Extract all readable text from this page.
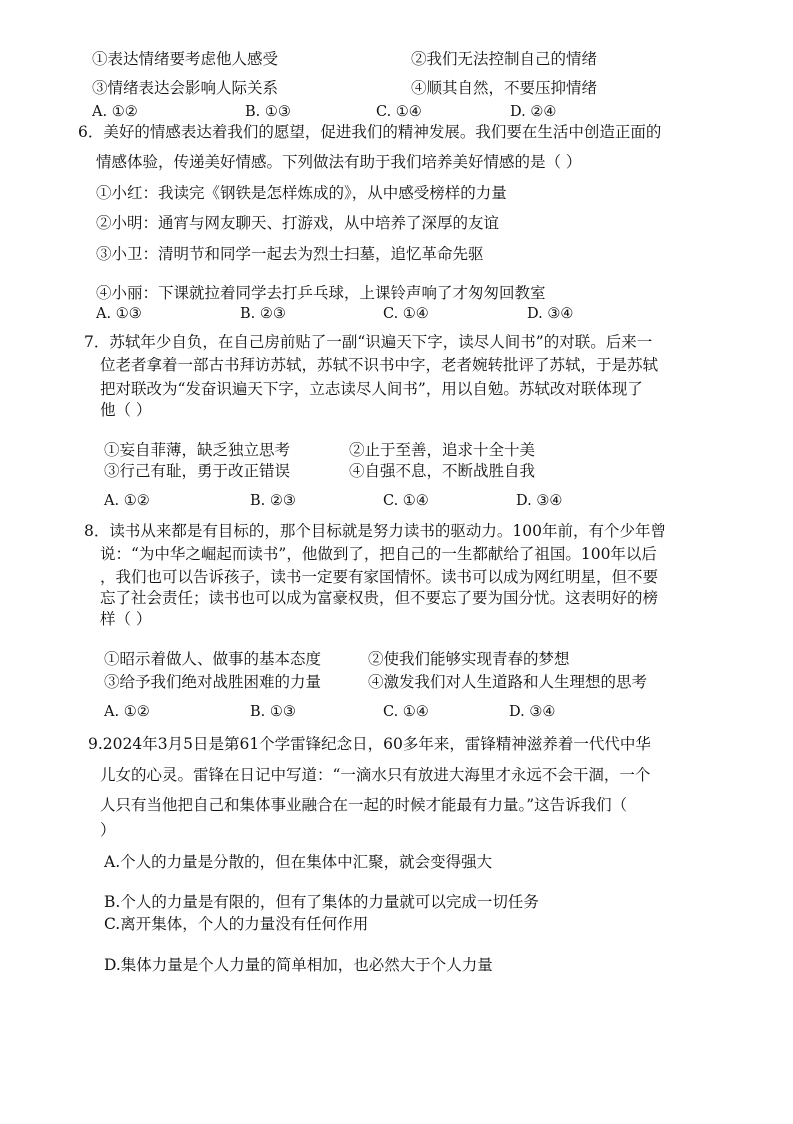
①表达情绪要考虑他人感受	②我们无法控制自己的情绪
③情绪表达会影响人际关系	④顺其自然，不要压抑情绪
A. ①②	B. ①③	C. ①④	D. ②④
6．美好的情感表达着我们的愿望，促进我们的精神发展。我们要在生活中创造正面的
情感体验，传递美好情感。下列做法有助于我们培养美好情感的是（ ）
①小红：我读完《钢铁是怎样炼成的》，从中感受榜样的力量
②小明：通宵与网友聊天、打游戏，从中培养了深厚的友谊
③小卫：清明节和同学一起去为烈士扫墓，追忆革命先驱
④小丽：下课就拉着同学去打乒乓球，上课铃声响了才匆匆回教室
A. ①③	B. ②③	C. ①④	D. ③④
7．苏轼年少自负，在自己房前贴了一副“识遍天下字，读尽人间书”的对联。后来一
位老者拿着一部古书拜访苏轼，苏轼不识书中字，老者婉转批评了苏轼，于是苏轼
把对联改为“发奋识遍天下字，立志读尽人间书”，用以自勉。苏轼改对联体现了
他（ ）
①妄自菲薄，缺乏独立思考	②止于至善，追求十全十美
③行己有耻，勇于改正错误	④自强不息，不断战胜自我
A. ①②	B. ②③	C. ①④	D. ③④
8．读书从来都是有目标的，那个目标就是努力读书的驱动力。100年前，有个少年曾
说：“为中华之崛起而读书”，他做到了，把自己的一生都献给了祖国。100年以后
，我们也可以告诉孩子，读书一定要有家国情怀。读书可以成为网红明星，但不要
忘了社会责任；读书也可以成为富豪权贵，但不要忘了要为国分忧。这表明好的榜
样（ ）
①昭示着做人、做事的基本态度	②使我们能够实现青春的梦想
③给予我们绝对战胜困难的力量	④激发我们对人生道路和人生理想的思考
A. ①②	B. ①③	C. ①④	D. ③④
9.2024年3月5日是第61个学雷锋纪念日，60多年来，雷锋精神滋养着一代代中华
儿女的心灵。雷锋在日记中写道：“一滴水只有放进大海里才永远不会干涸，一个
人只有当他把自己和集体事业融合在一起的时候才能最有力量。”这告诉我们（
）
A.个人的力量是分散的，但在集体中汇聚，就会变得强大
B.个人的力量是有限的，但有了集体的力量就可以完成一切任务
C.离开集体，个人的力量没有任何作用
D.集体力量是个人力量的简单相加，也必然大于个人力量
